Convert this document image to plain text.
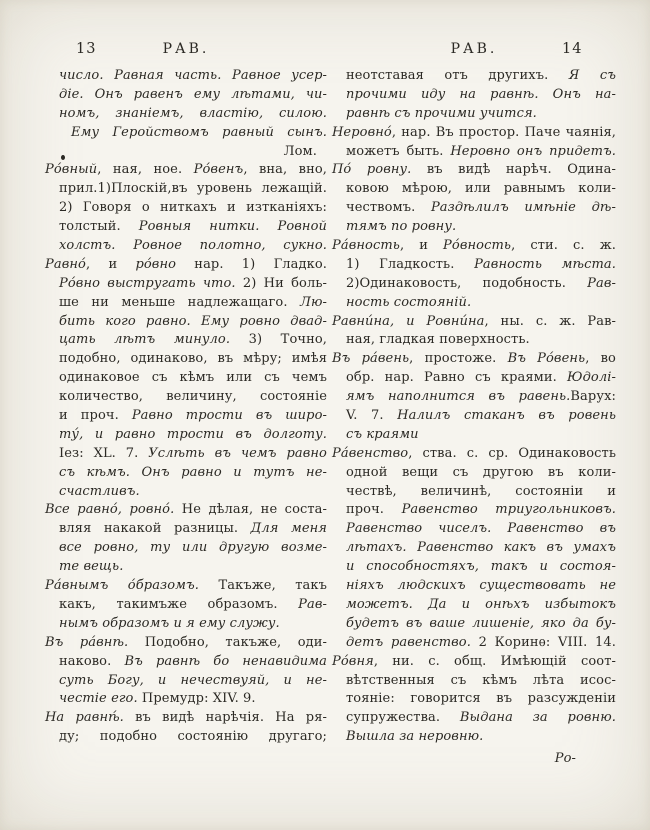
13	РАВ.	РАВ.	14
число. Равная часть. Равное усер-
діе. Онъ равенъ ему лѣтами, чи-
номъ, знаніемъ, властію, силою.
Ему Геройствомъ равный сынъ.
Лом.
Ро́вный, ная, ное. Ро́венъ, вна, вно,
прил.1)Плоскій,въ уровень лежащій.
2) Говоря о ниткахъ и изтканіяхъ:
толстый. Ровныя нитки. Ровной
холстъ. Ровное полотно, сукно.
Равно́, и ро́вно нар. 1) Гладко.
Ро́вно выстругать что. 2) Ни боль-
ше ни меньше надлежащаго. Лю-
бить кого равно. Ему ровно двад-
цать лѣтъ минуло. 3) Точно,
подобно, одинаково, въ мѣру; имѣя
одинаковое съ кѣмъ или съ чемъ
количество, величину, состояніе
и проч. Равно трости въ широ-
ту́, и равно трости въ долготу.
Іез: XL. 7. Услѣть въ чемъ равно
съ кѣмъ. Онъ равно и тутъ не-
счастливъ.
Все равно́, ровно́. Не дѣлая, не соста-
вляя накакой разницы. Для меня
все ровно, ту или другую возме-
те вещь.
Ра́внымъ о́бразомъ. Такъже, такъ
какъ, такимъже образомъ. Рав-
нымъ образомъ и я ему служу.
Въ ра́внѣ. Подобно, такъже, оди-
наково. Въ равнѣ бо ненавидима
суть Богу, и нечествуяй, и не-
честіе его. Премудр: XIV. 9.
На равнѣ́. въ видѣ нарѣчія. На ря-
ду; подобно состоянію другаго;
неотставая отъ другихъ. Я съ
прочими иду на равнѣ. Онъ на-
равнѣ съ прочими учится.
Неровно́, нар. Въ простор. Паче чаянія,
можетъ быть. Неровно онъ придетъ.
По́ ровну. въ видѣ нарѣч. Одина-
ковою мѣрою, или равнымъ коли-
чествомъ. Раздѣлилъ имѣніе дѣ-
тямъ по ровну.
Ра́вность, и Ро́вность, сти. с. ж.
1) Гладкость. Равность мѣста.
2)Одинаковость, подобность. Рав-
ность состояній.
Равни́на, и Ровни́на, ны. с. ж. Рав-
ная, гладкая поверхность.
Въ ра́вень, простоже. Въ Ро́вень, во
обр. нар. Равно съ краями. Юдолі-
ямъ наполнится въ равень.Варух:
V. 7. Налилъ стаканъ въ ровень
съ краями
Ра́венство, ства. с. ср. Одинаковость
одной вещи съ другою въ коли-
чествѣ, величинѣ, состояніи и
проч. Равенство триугольниковъ.
Равенство чиселъ. Равенство въ
лѣтахъ. Равенство какъ въ умахъ
и способностяхъ, такъ и состоя-
ніяхъ людскихъ существовать не
можетъ. Да и онѣхъ избытокъ
будетъ въ ваше лишеніе, яко да бу-
детъ равенство. 2 Коринѳ: VIII. 14.
Ро́вня, ни. с. общ. Имѣющій соот-
вѣтственныя съ кѣмъ лѣта исос-
тояніе: говорится въ разсужденіи
супружества. Выдана за ровню.
Вышла за неровню.
Ро-
